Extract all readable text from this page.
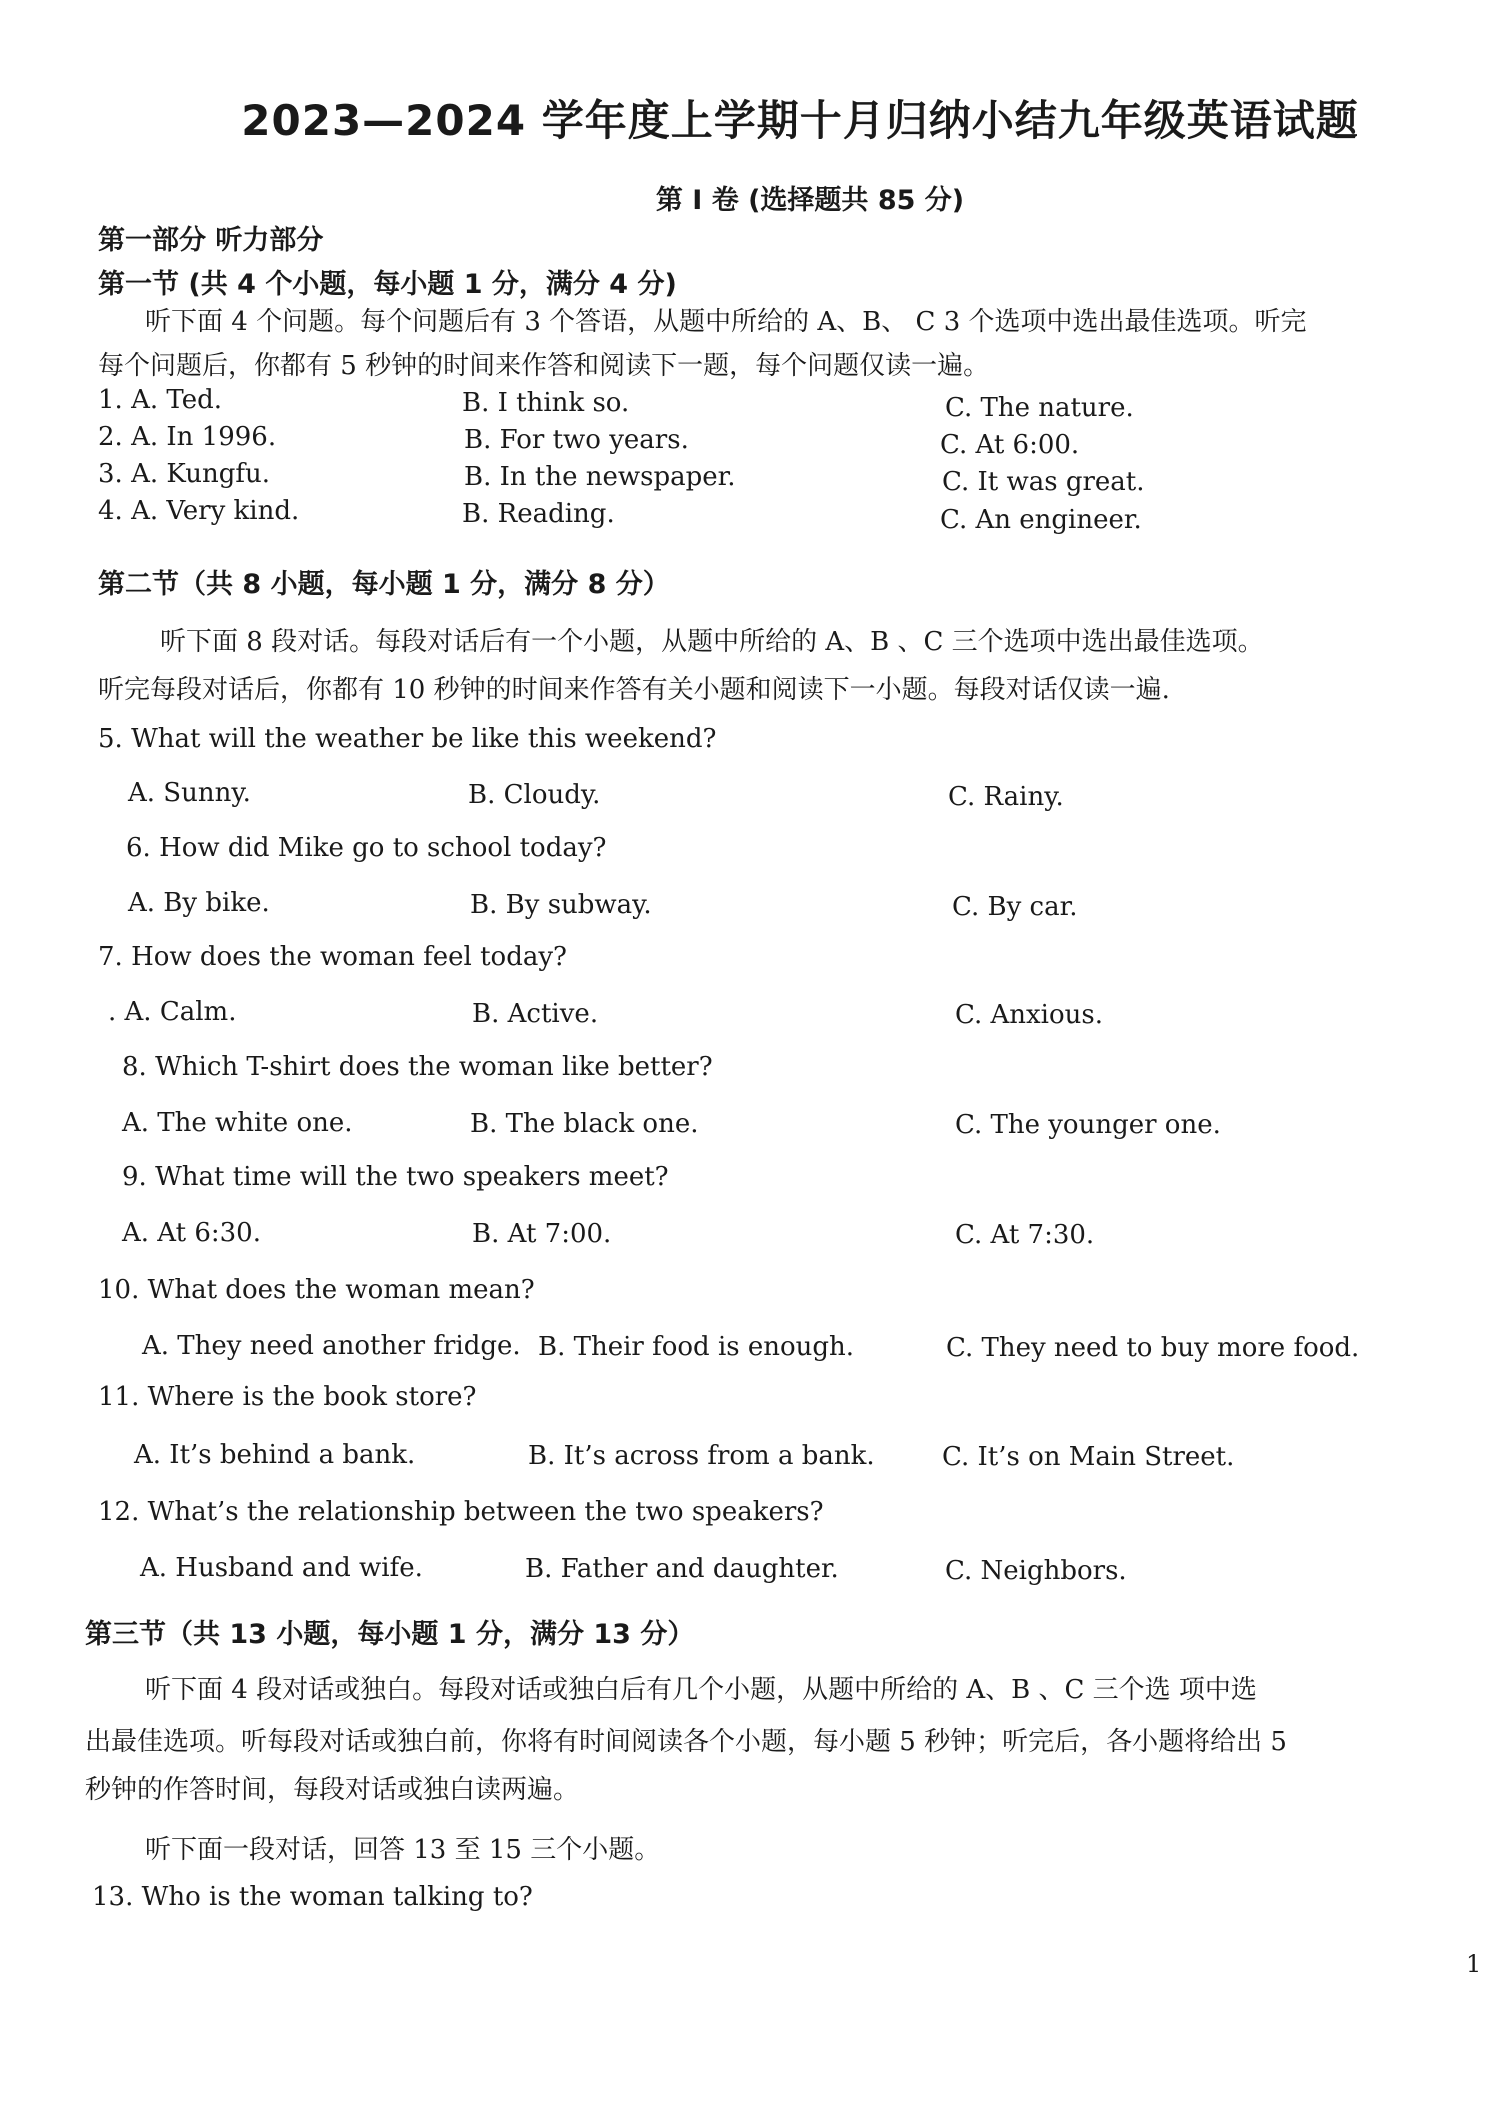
2023—2024 学年度上学期十月归纳小结九年级英语试题
第 I 卷 (选择题共 85 分)
第一部分 听力部分
第一节 (共 4 个小题，每小题 1 分，满分 4 分)
听下面 4 个问题。每个问题后有 3 个答语，从题中所给的 A、B、 C 3 个选项中选出最佳选项。听完
每个问题后，你都有 5 秒钟的时间来作答和阅读下一题，每个问题仅读一遍。
1. A. Ted.	B. I think so.	C. The nature.
2. A. In 1996.	B. For two years.	C. At 6:00.
3. A. Kungfu.	B. In the newspaper.	C. It was great.
4. A. Very kind.	B. Reading.	C. An engineer.
第二节（共 8 小题，每小题 1 分，满分 8 分）
听下面 8 段对话。每段对话后有一个小题，从题中所给的 A、B 、C 三个选项中选出最佳选项。
听完每段对话后，你都有 10 秒钟的时间来作答有关小题和阅读下一小题。每段对话仅读一遍.
5. What will the weather be like this weekend?
A. Sunny.	B. Cloudy.	C. Rainy.
6. How did Mike go to school today?
A. By bike.	B. By subway.	C. By car.
7. How does the woman feel today?
. A. Calm.	B. Active.	C. Anxious.
8. Which T-shirt does the woman like better?
A. The white one.	B. The black one.	C. The younger one.
9. What time will the two speakers meet?
A. At 6:30.	B. At 7:00.	C. At 7:30.
10. What does the woman mean?
A. They need another fridge. B. Their food is enough.	C. They need to buy more food.
11. Where is the book store?
A. It’s behind a bank.	B. It’s across from a bank.	C. It’s on Main Street.
12. What’s the relationship between the two speakers?
A. Husband and wife.	B. Father and daughter.	C. Neighbors.
第三节（共 13 小题，每小题 1 分，满分 13 分）
听下面 4 段对话或独白。每段对话或独白后有几个小题，从题中所给的 A、B 、C 三个选 项中选
出最佳选项。听每段对话或独白前，你将有时间阅读各个小题，每小题 5 秒钟；听完后，各小题将给出 5
秒钟的作答时间，每段对话或独白读两遍。
听下面一段对话，回答 13 至 15 三个小题。
13. Who is the woman talking to?
1
